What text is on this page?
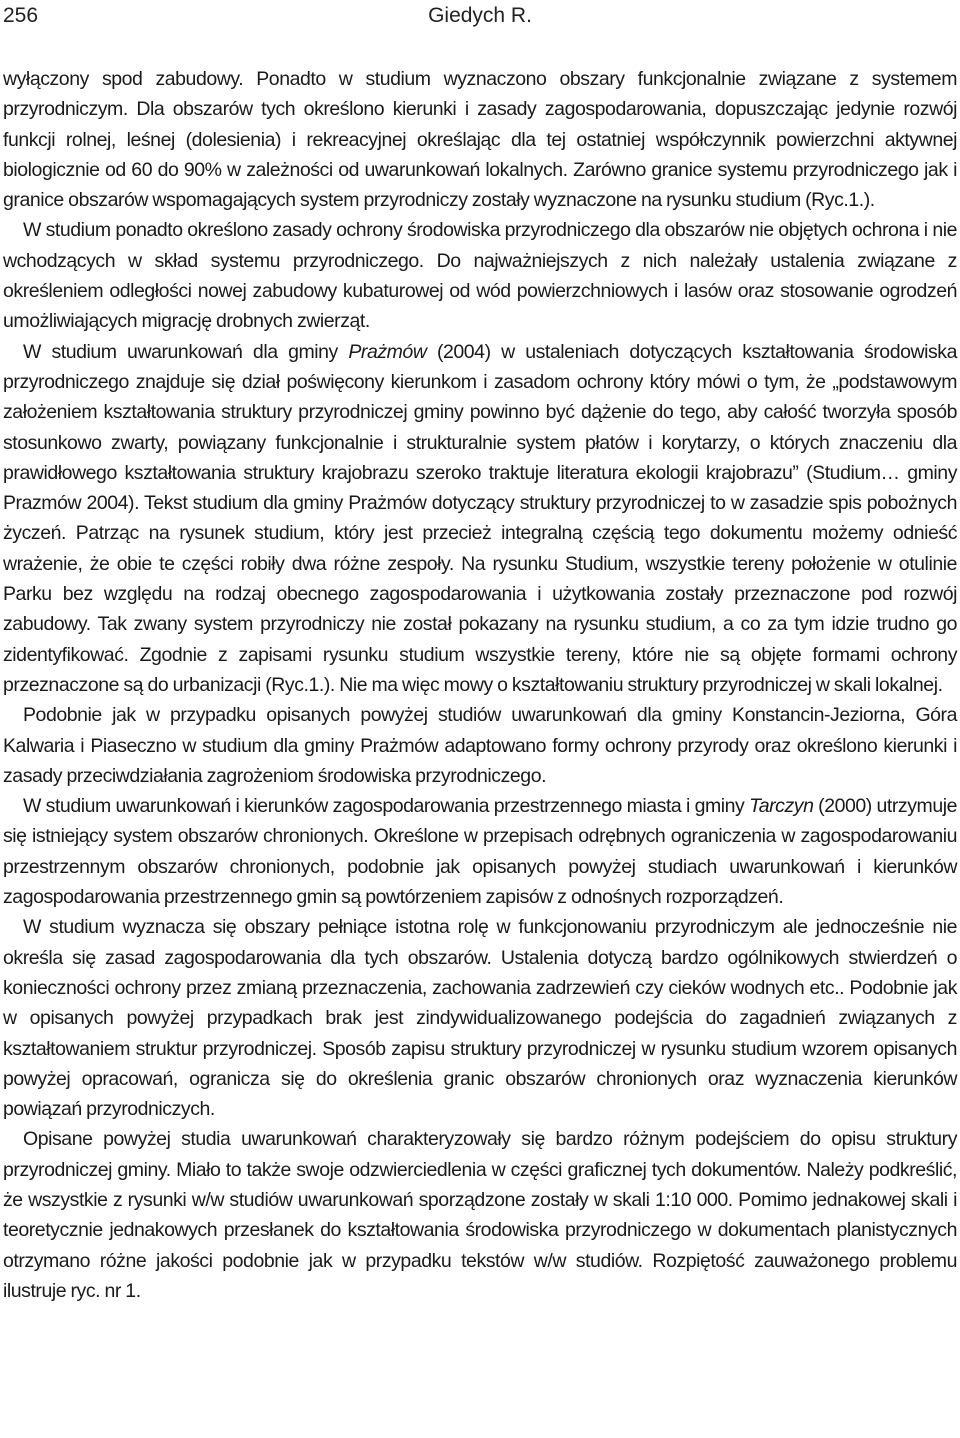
256	Giedych R.

wyłączony spod zabudowy. Ponadto w studium wyznaczono obszary funkcjonalnie związane z systemem przyrodniczym. Dla obszarów tych określono kierunki i zasady zagospodarowania, dopuszczając jedynie rozwój funkcji rolnej, leśnej (dolesienia) i rekreacyjnej określając dla tej ostatniej współczynnik powierzchni aktywnej biologicznie od 60 do 90% w zależności od uwarunkowań lokalnych. Zarówno granice systemu przyrodniczego jak i granice obszarów wspomagających system przyrodniczy zostały wyznaczone na rysunku studium (Ryc.1.).

W studium ponadto określono zasady ochrony środowiska przyrodniczego dla obszarów nie objętych ochrona i nie wchodzących w skład systemu przyrodniczego. Do najważniejszych z nich należały ustalenia związane z określeniem odległości nowej zabudowy kubaturowej od wód powierzchniowych i lasów oraz stosowanie ogrodzeń umożliwiających migrację drobnych zwierząt.

W studium uwarunkowań dla gminy Prażmów (2004) w ustaleniach dotyczących kształtowania środowiska przyrodniczego znajduje się dział poświęcony kierunkom i zasadom ochrony który mówi o tym, że „podstawowym założeniem kształtowania struktury przyrodniczej gminy powinno być dążenie do tego, aby całość tworzyła sposób stosunkowo zwarty, powiązany funkcjonalnie i strukturalnie system płatów i korytarzy, o których znaczeniu dla prawidłowego kształtowania struktury krajobrazu szeroko traktuje literatura ekologii krajobrazu” (Studium… gminy Prazmów 2004). Tekst studium dla gminy Prażmów dotyczący struktury przyrodniczej to w zasadzie spis pobożnych życzeń. Patrząc na rysunek studium, który jest przecież integralną częścią tego dokumentu możemy odnieść wrażenie, że obie te części robiły dwa różne zespoły. Na rysunku Studium, wszystkie tereny położenie w otulinie Parku bez względu na rodzaj obecnego zagospodarowania i użytkowania zostały przeznaczone pod rozwój zabudowy. Tak zwany system przyrodniczy nie został pokazany na rysunku studium, a co za tym idzie trudno go zidentyfikować. Zgodnie z zapisami rysunku studium wszystkie tereny, które nie są objęte formami ochrony przeznaczone są do urbanizacji (Ryc.1.). Nie ma więc mowy o kształtowaniu struktury przyrodniczej w skali lokalnej.

Podobnie jak w przypadku opisanych powyżej studiów uwarunkowań dla gminy Konstancin-Jeziorna, Góra Kalwaria i Piaseczno w studium dla gminy Prażmów adaptowano formy ochrony przyrody oraz określono kierunki i zasady przeciwdziałania zagrożeniom środowiska przyrodniczego.

W studium uwarunkowań i kierunków zagospodarowania przestrzennego miasta i gminy Tarczyn (2000) utrzymuje się istniejący system obszarów chronionych. Określone w przepisach odrębnych ograniczenia w zagospodarowaniu przestrzennym obszarów chronionych, podobnie jak opisanych powyżej studiach uwarunkowań i kierunków zagospodarowania przestrzennego gmin są powtórzeniem zapisów z odnośnych rozporządzeń.

W studium wyznacza się obszary pełniące istotna rolę w funkcjonowaniu przyrodniczym ale jednocześnie nie określa się zasad zagospodarowania dla tych obszarów. Ustalenia dotyczą bardzo ogólnikowych stwierdzeń o konieczności ochrony przez zmianą przeznaczenia, zachowania zadrzewień czy cieków wodnych etc.. Podobnie jak w opisanych powyżej przypadkach brak jest zindywidualizowanego podejścia do zagadnień związanych z kształtowaniem struktur przyrodniczej. Sposób zapisu struktury przyrodniczej w rysunku studium wzorem opisanych powyżej opracowań, ogranicza się do określenia granic obszarów chronionych oraz wyznaczenia kierunków powiązań przyrodniczych.

Opisane powyżej studia uwarunkowań charakteryzowały się bardzo różnym podejściem do opisu struktury przyrodniczej gminy. Miało to także swoje odzwierciedlenia w części graficznej tych dokumentów. Należy podkreślić, że wszystkie z rysunki w/w studiów uwarunkowań sporządzone zostały w skali 1:10 000. Pomimo jednakowej skali i teoretycznie jednakowych przesłanek do kształtowania środowiska przyrodniczego w dokumentach planistycznych otrzymano różne jakości podobnie jak w przypadku tekstów w/w studiów. Rozpiętość zauważonego problemu ilustruje ryc. nr 1.
